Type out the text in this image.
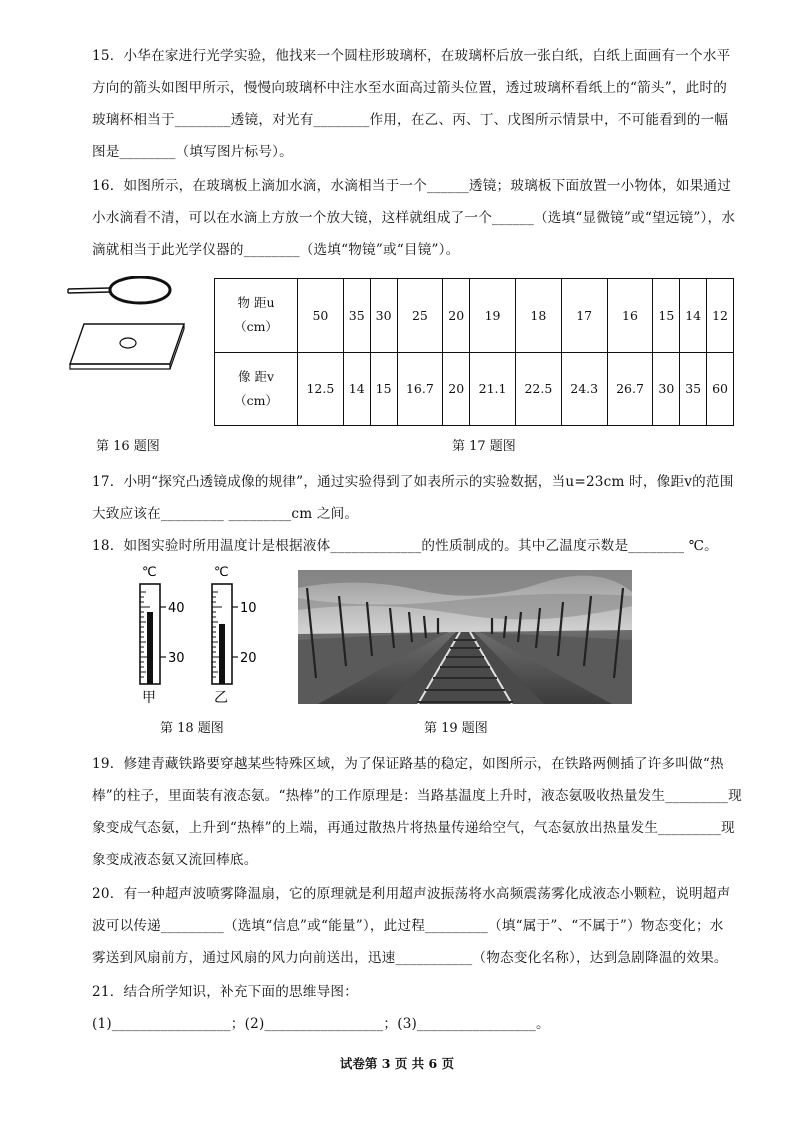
15．小华在家进行光学实验，他找来一个圆柱形玻璃杯，在玻璃杯后放一张白纸，白纸上面画有一个水平
方向的箭头如图甲所示，慢慢向玻璃杯中注水至水面高过箭头位置，透过玻璃杯看纸上的“箭头”，此时的
玻璃杯相当于________透镜，对光有________作用，在乙、丙、丁、戊图所示情景中，不可能看到的一幅
图是________（填写图片标号）。
16．如图所示，在玻璃板上滴加水滴，水滴相当于一个______透镜；玻璃板下面放置一小物体，如果通过
小水滴看不清，可以在水滴上方放一个放大镜，这样就组成了一个______（选填“显微镜”或“望远镜”），水
滴就相当于此光学仪器的________（选填“物镜”或“目镜”）。
物 距u
（cm）	50	35	30	25	20	19	18	17	16	15	14	12

像 距v
（cm）	12.5	14	15	16.7	20	21.1	22.5	24.3	26.7	30	35	60
第 16 题图	第 17 题图
17．小明“探究凸透镜成像的规律”，通过实验得到了如表所示的实验数据，当u=23cm 时，像距v的范围
大致应该在_________ _________cm 之间。
18．如图实验时所用温度计是根据液体_____________的性质制成的。其中乙温度示数是________ ℃。
℃
40
30
甲
℃
10
20
乙
第 18 题图	第 19 题图
19．修建青藏铁路要穿越某些特殊区域，为了保证路基的稳定，如图所示，在铁路两侧插了许多叫做“热
棒”的柱子，里面装有液态氨。“热棒”的工作原理是：当路基温度上升时，液态氨吸收热量发生_________现
象变成气态氨，上升到“热棒”的上端，再通过散热片将热量传递给空气，气态氨放出热量发生_________现
象变成液态氨又流回棒底。
20．有一种超声波喷雾降温扇，它的原理就是利用超声波振荡将水高频震荡雾化成液态小颗粒，说明超声
波可以传递_________（选填“信息”或“能量”），此过程_________（填“属于”、“不属于”）物态变化；水
雾送到风扇前方，通过风扇的风力向前送出，迅速___________（物态变化名称），达到急剧降温的效果。
21．结合所学知识，补充下面的思维导图：
(1)_________________；(2)_________________；(3)_________________。
试卷第 3 页 共 6 页
